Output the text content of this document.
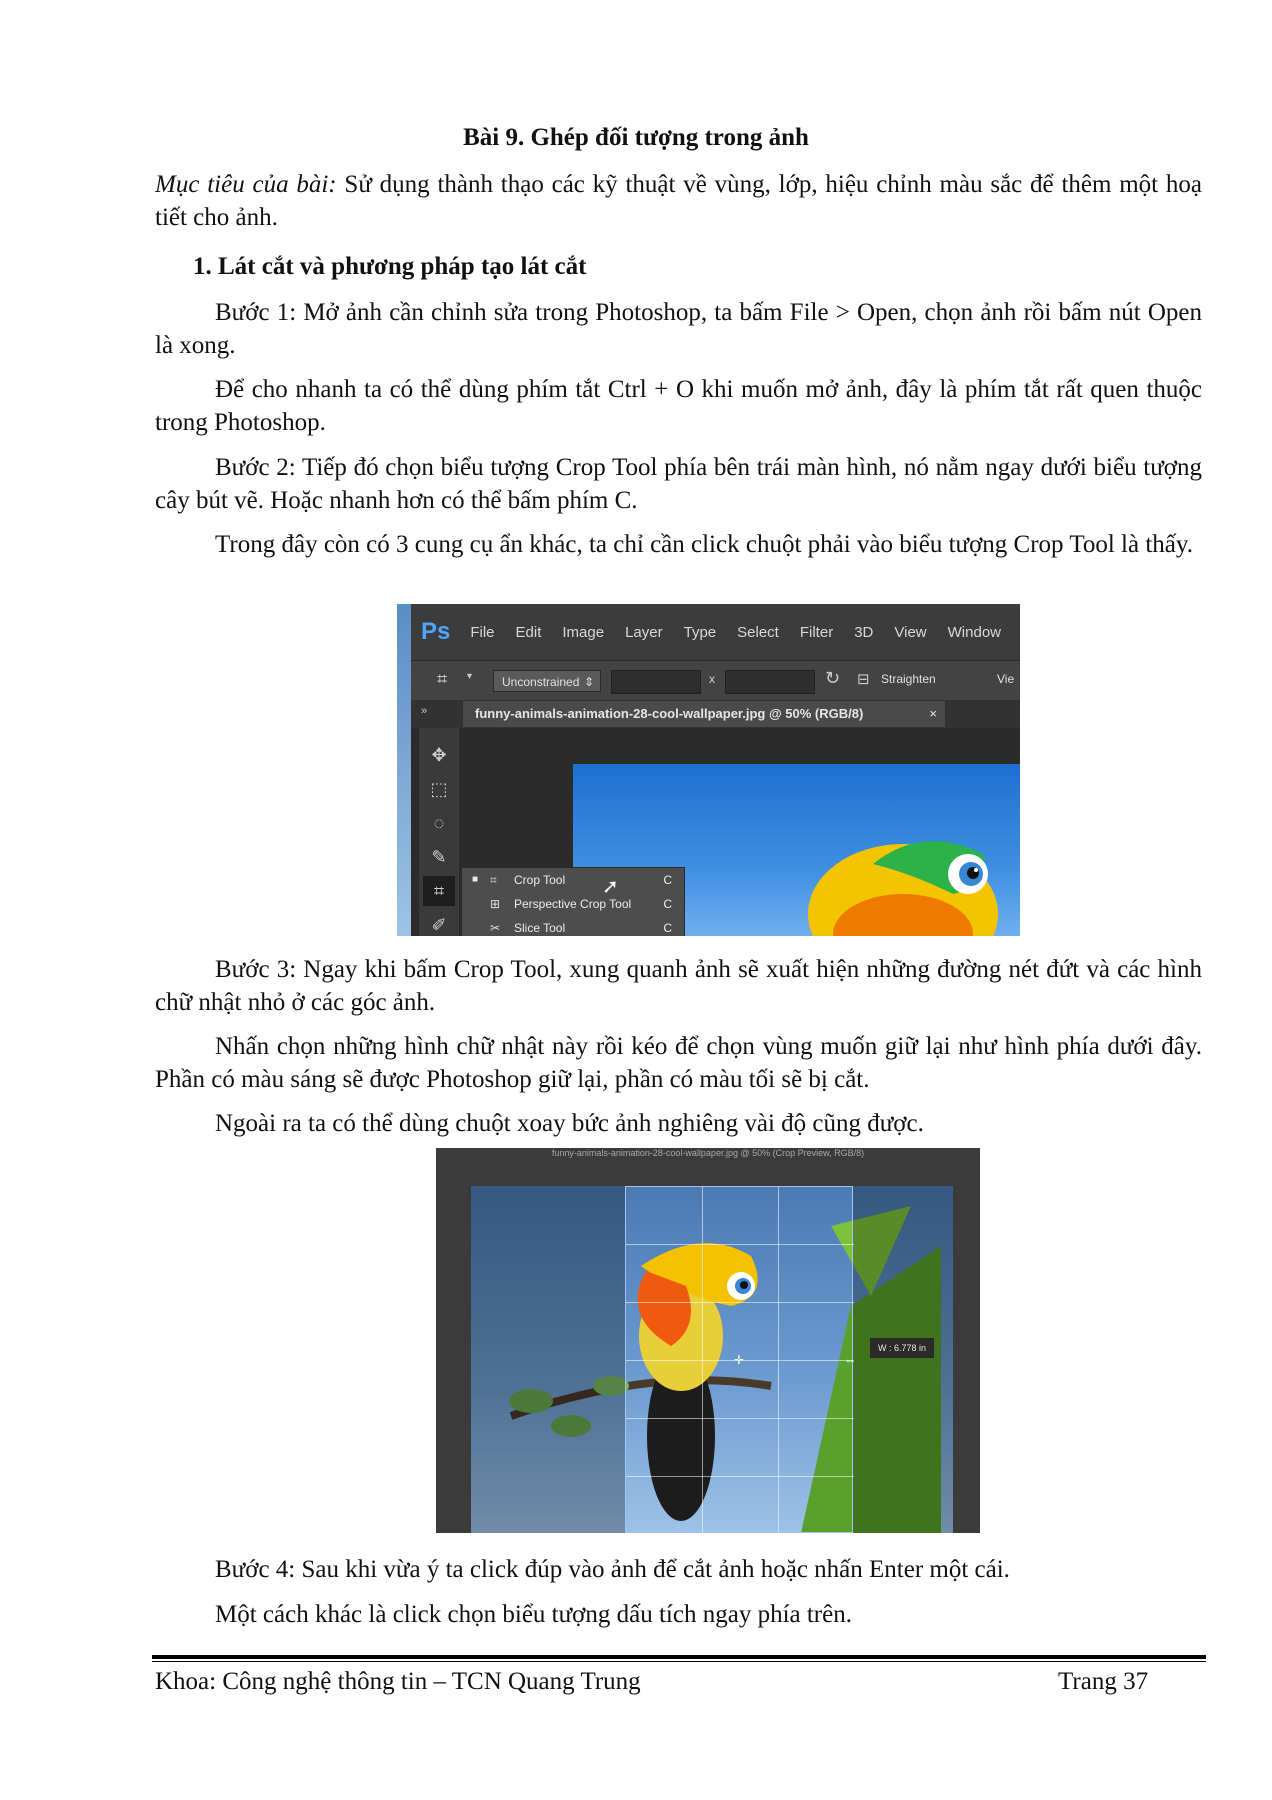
Bài 9. Ghép đối tượng trong ảnh
Mục tiêu của bài: Sử dụng thành thạo các kỹ thuật về vùng, lớp, hiệu chỉnh màu sắc để thêm một hoạ tiết cho ảnh.
1. Lát cắt và phương pháp tạo lát cắt
Bước 1: Mở ảnh cần chỉnh sửa trong Photoshop, ta bấm File > Open, chọn ảnh rồi bấm nút Open là xong.
Để cho nhanh ta có thể dùng phím tắt Ctrl + O khi muốn mở ảnh, đây là phím tắt rất quen thuộc trong Photoshop.
Bước 2: Tiếp đó chọn biểu tượng Crop Tool phía bên trái màn hình, nó nằm ngay dưới biểu tượng cây bút vẽ. Hoặc nhanh hơn có thể bấm phím C.
Trong đây còn có 3 cung cụ ẩn khác, ta chỉ cần click chuột phải vào biểu tượng Crop Tool là thấy.
Ps File Edit Image Layer Type Select Filter 3D View Window
⌗ ▾	Unconstrained ⇕	x	↻ ⊟ Straighten	Vie
»	funny-animals-animation-28-cool-wallpaper.jpg @ 50% (RGB/8)	×
✥
⬚
◌
✎
⌗
✐
■ ⌗ Crop Tool	C
⊞ Perspective Crop Tool	C
✂ Slice Tool	C
➚
Bước 3: Ngay khi bấm Crop Tool, xung quanh ảnh sẽ xuất hiện những đường nét đứt và các hình chữ nhật nhỏ ở các góc ảnh.
Nhấn chọn những hình chữ nhật này rồi kéo để chọn vùng muốn giữ lại như hình phía dưới đây. Phần có màu sáng sẽ được Photoshop giữ lại, phần có màu tối sẽ bị cắt.
Ngoài ra ta có thể dùng chuột xoay bức ảnh nghiêng vài độ cũng được.
funny-animals-animation-28-cool-wallpaper.jpg @ 50% (Crop Preview, RGB/8)
✛	⇔
W : 6.778 in
Bước 4: Sau khi vừa ý ta click đúp vào ảnh để cắt ảnh hoặc nhấn Enter một cái.
Một cách khác là click chọn biểu tượng dấu tích ngay phía trên.
Khoa: Công nghệ thông tin – TCN Quang Trung	Trang 37
